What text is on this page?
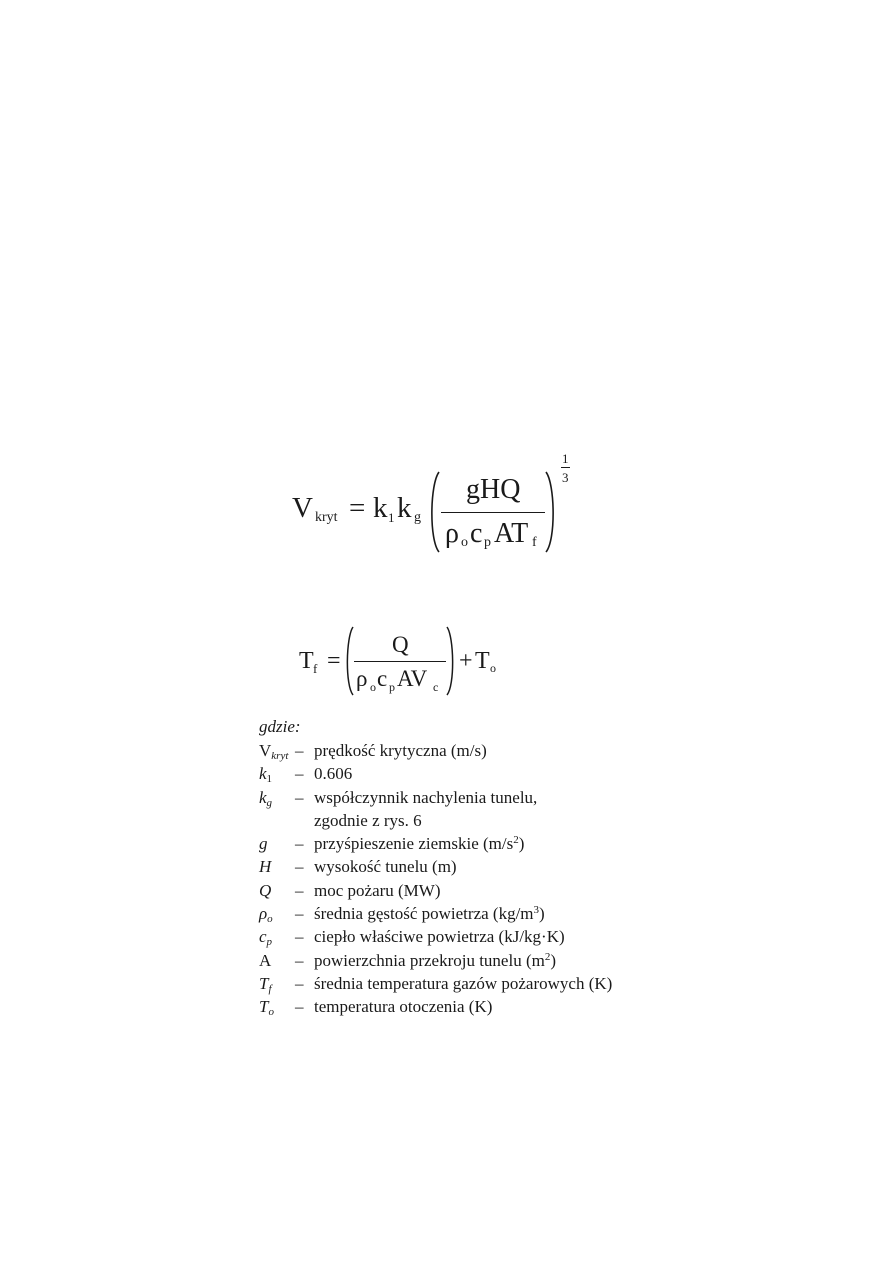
V kryt = k 1 k g
gHQ
ρ o c p AT f
1
3
T f =
Q
ρ o c p AV c
+ T o
gdzie:
$V_{kryt}$ – prędkość krytyczna (m/s)
$k_1$	– 0.606
$k_g$	– współczynnik nachylenia tunelu,
zgodnie z rys. 6
g	– przyśpieszenie ziemskie $(m/s^2)$
H	– wysokość tunelu (m)
Q	– moc pożaru (MW)
$\rho_o$	– średnia gęstość powietrza $(kg/m^3)$
$c_p$	– ciepło właściwe powietrza (kJ/kg·K)
A	– powierzchnia przekroju tunelu $(m^2)$
$T_f$	– średnia temperatura gazów pożarowych (K)
$T_o$	– temperatura otoczenia (K)
